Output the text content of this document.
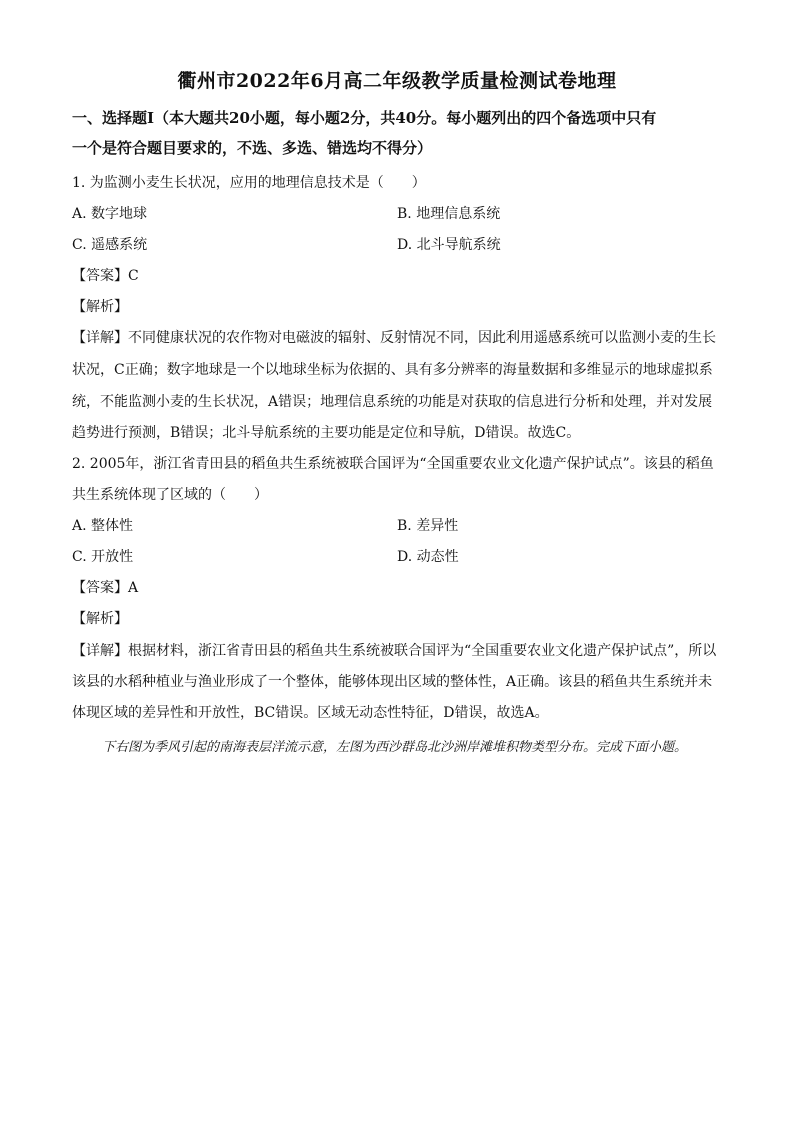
衢州市2022年6月高二年级教学质量检测试卷地理
一、选择题Ⅰ（本大题共20小题，每小题2分，共40分。每小题列出的四个备选项中只有
一个是符合题目要求的，不选、多选、错选均不得分）
1. 为监测小麦生长状况，应用的地理信息技术是（　　）
A. 数字地球	B. 地理信息系统
C. 遥感系统	D. 北斗导航系统
【答案】C
【解析】
【详解】不同健康状况的农作物对电磁波的辐射、反射情况不同，因此利用遥感系统可以监测小麦的生长
状况，C正确；数字地球是一个以地球坐标为依据的、具有多分辨率的海量数据和多维显示的地球虚拟系
统，不能监测小麦的生长状况，A错误；地理信息系统的功能是对获取的信息进行分析和处理，并对发展
趋势进行预测，B错误；北斗导航系统的主要功能是定位和导航，D错误。故选C。
2. 2005年，浙江省青田县的稻鱼共生系统被联合国评为“全国重要农业文化遗产保护试点”。该县的稻鱼
共生系统体现了区域的（　　）
A. 整体性	B. 差异性
C. 开放性	D. 动态性
【答案】A
【解析】
【详解】根据材料，浙江省青田县的稻鱼共生系统被联合国评为“全国重要农业文化遗产保护试点”，所以
该县的水稻种植业与渔业形成了一个整体，能够体现出区域的整体性，A正确。该县的稻鱼共生系统并未
体现区域的差异性和开放性，BC错误。区域无动态性特征，D错误，故选A。
下右图为季风引起的南海表层洋流示意，左图为西沙群岛北沙洲岸滩堆积物类型分布。完成下面小题。
